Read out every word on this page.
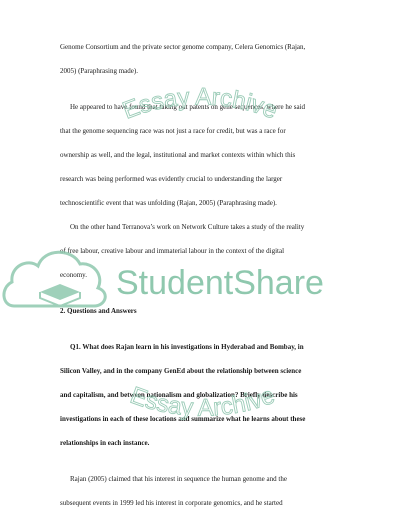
Genome Consortium and the private sector genome company, Celera Genomics (Rajan,
2005) (Paraphrasing made).
He appeared to have found that taking out patents on gene sequences, where he said
that the genome sequencing race was not just a race for credit, but was a race for
ownership as well, and the legal, institutional and market contexts within which this
research was being performed was evidently crucial to understanding the larger
technoscientific event that was unfolding (Rajan, 2005) (Paraphrasing made).
On the other hand Terranova’s work on Network Culture takes a study of the reality
of free labour, creative labour and immaterial labour in the context of the digital
economy.
2. Questions and Answers
Q1. What does Rajan learn in his investigations in Hyderabad and Bombay, in
Silicon Valley, and in the company GenEd about the relationship between science
and capitalism, and between nationalism and globalization? Briefly describe his
investigations in each of these locations and summarize what he learns about these
relationships in each instance.
Rajan (2005) claimed that his interest in sequence the human genome and the
subsequent events in 1999 led his interest in corporate genomics, and he started
Essay Archive
Essay Archive
StudentShare
